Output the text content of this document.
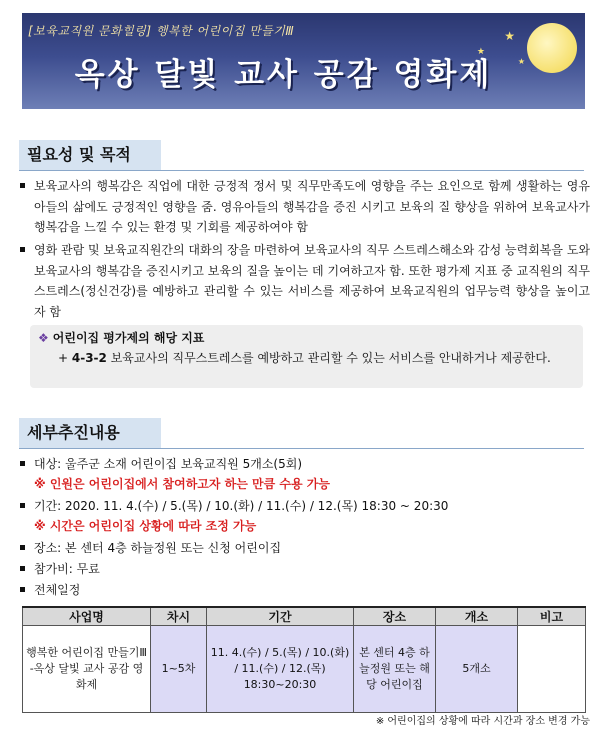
[보육교직원 문화힐링] 행복한 어린이집 만들기Ⅲ
옥상 달빛 교사 공감 영화제
★
★
★
필요성 및 목적
보육교사의 행복감은 직업에 대한 긍정적 정서 및 직무만족도에 영향을 주는 요인으로 함께 생활하는 영유아들의 삶에도 긍정적인 영향을 줌. 영유아들의 행복감을 증진 시키고 보육의 질 향상을 위하여 보육교사가 행복감을 느낄 수 있는 환경 및 기회를 제공하여야 함
영화 관람 및 보육교직원간의 대화의 장을 마련하여 보육교사의 직무 스트레스해소와 감성 능력회복을 도와 보육교사의 행복감을 증진시키고 보육의 질을 높이는 데 기여하고자 함. 또한 평가제 지표 중 교직원의 직무스트레스(정신건강)를 예방하고 관리할 수 있는 서비스를 제공하여 보육교직원의 업무능력 향상을 높이고자 함
❖ 어린이집 평가제의 해당 지표
+ 4-3-2 보육교사의 직무스트레스를 예방하고 관리할 수 있는 서비스를 안내하거나 제공한다.
세부추진내용
대상: 울주군 소재 어린이집 보육교직원 5개소(5회)
※ 인원은 어린이집에서 참여하고자 하는 만큼 수용 가능
기간: 2020. 11. 4.(수) / 5.(목) / 10.(화) / 11.(수) / 12.(목) 18:30 ~ 20:30
※ 시간은 어린이집 상황에 따라 조정 가능
장소: 본 센터 4층 하늘정원 또는 신청 어린이집
참가비: 무료
전체일정
사업명	차시	기간	장소	개소	비고
행복한 어린이집 만들기Ⅲ -옥상 달빛 교사 공감 영화제	1~5차	11. 4.(수) / 5.(목) / 10.(화) / 11.(수) / 12.(목) 18:30~20:30	본 센터 4층 하늘정원 또는 해당 어린이집	5개소	
※ 어린이집의 상황에 따라 시간과 장소 변경 가능
